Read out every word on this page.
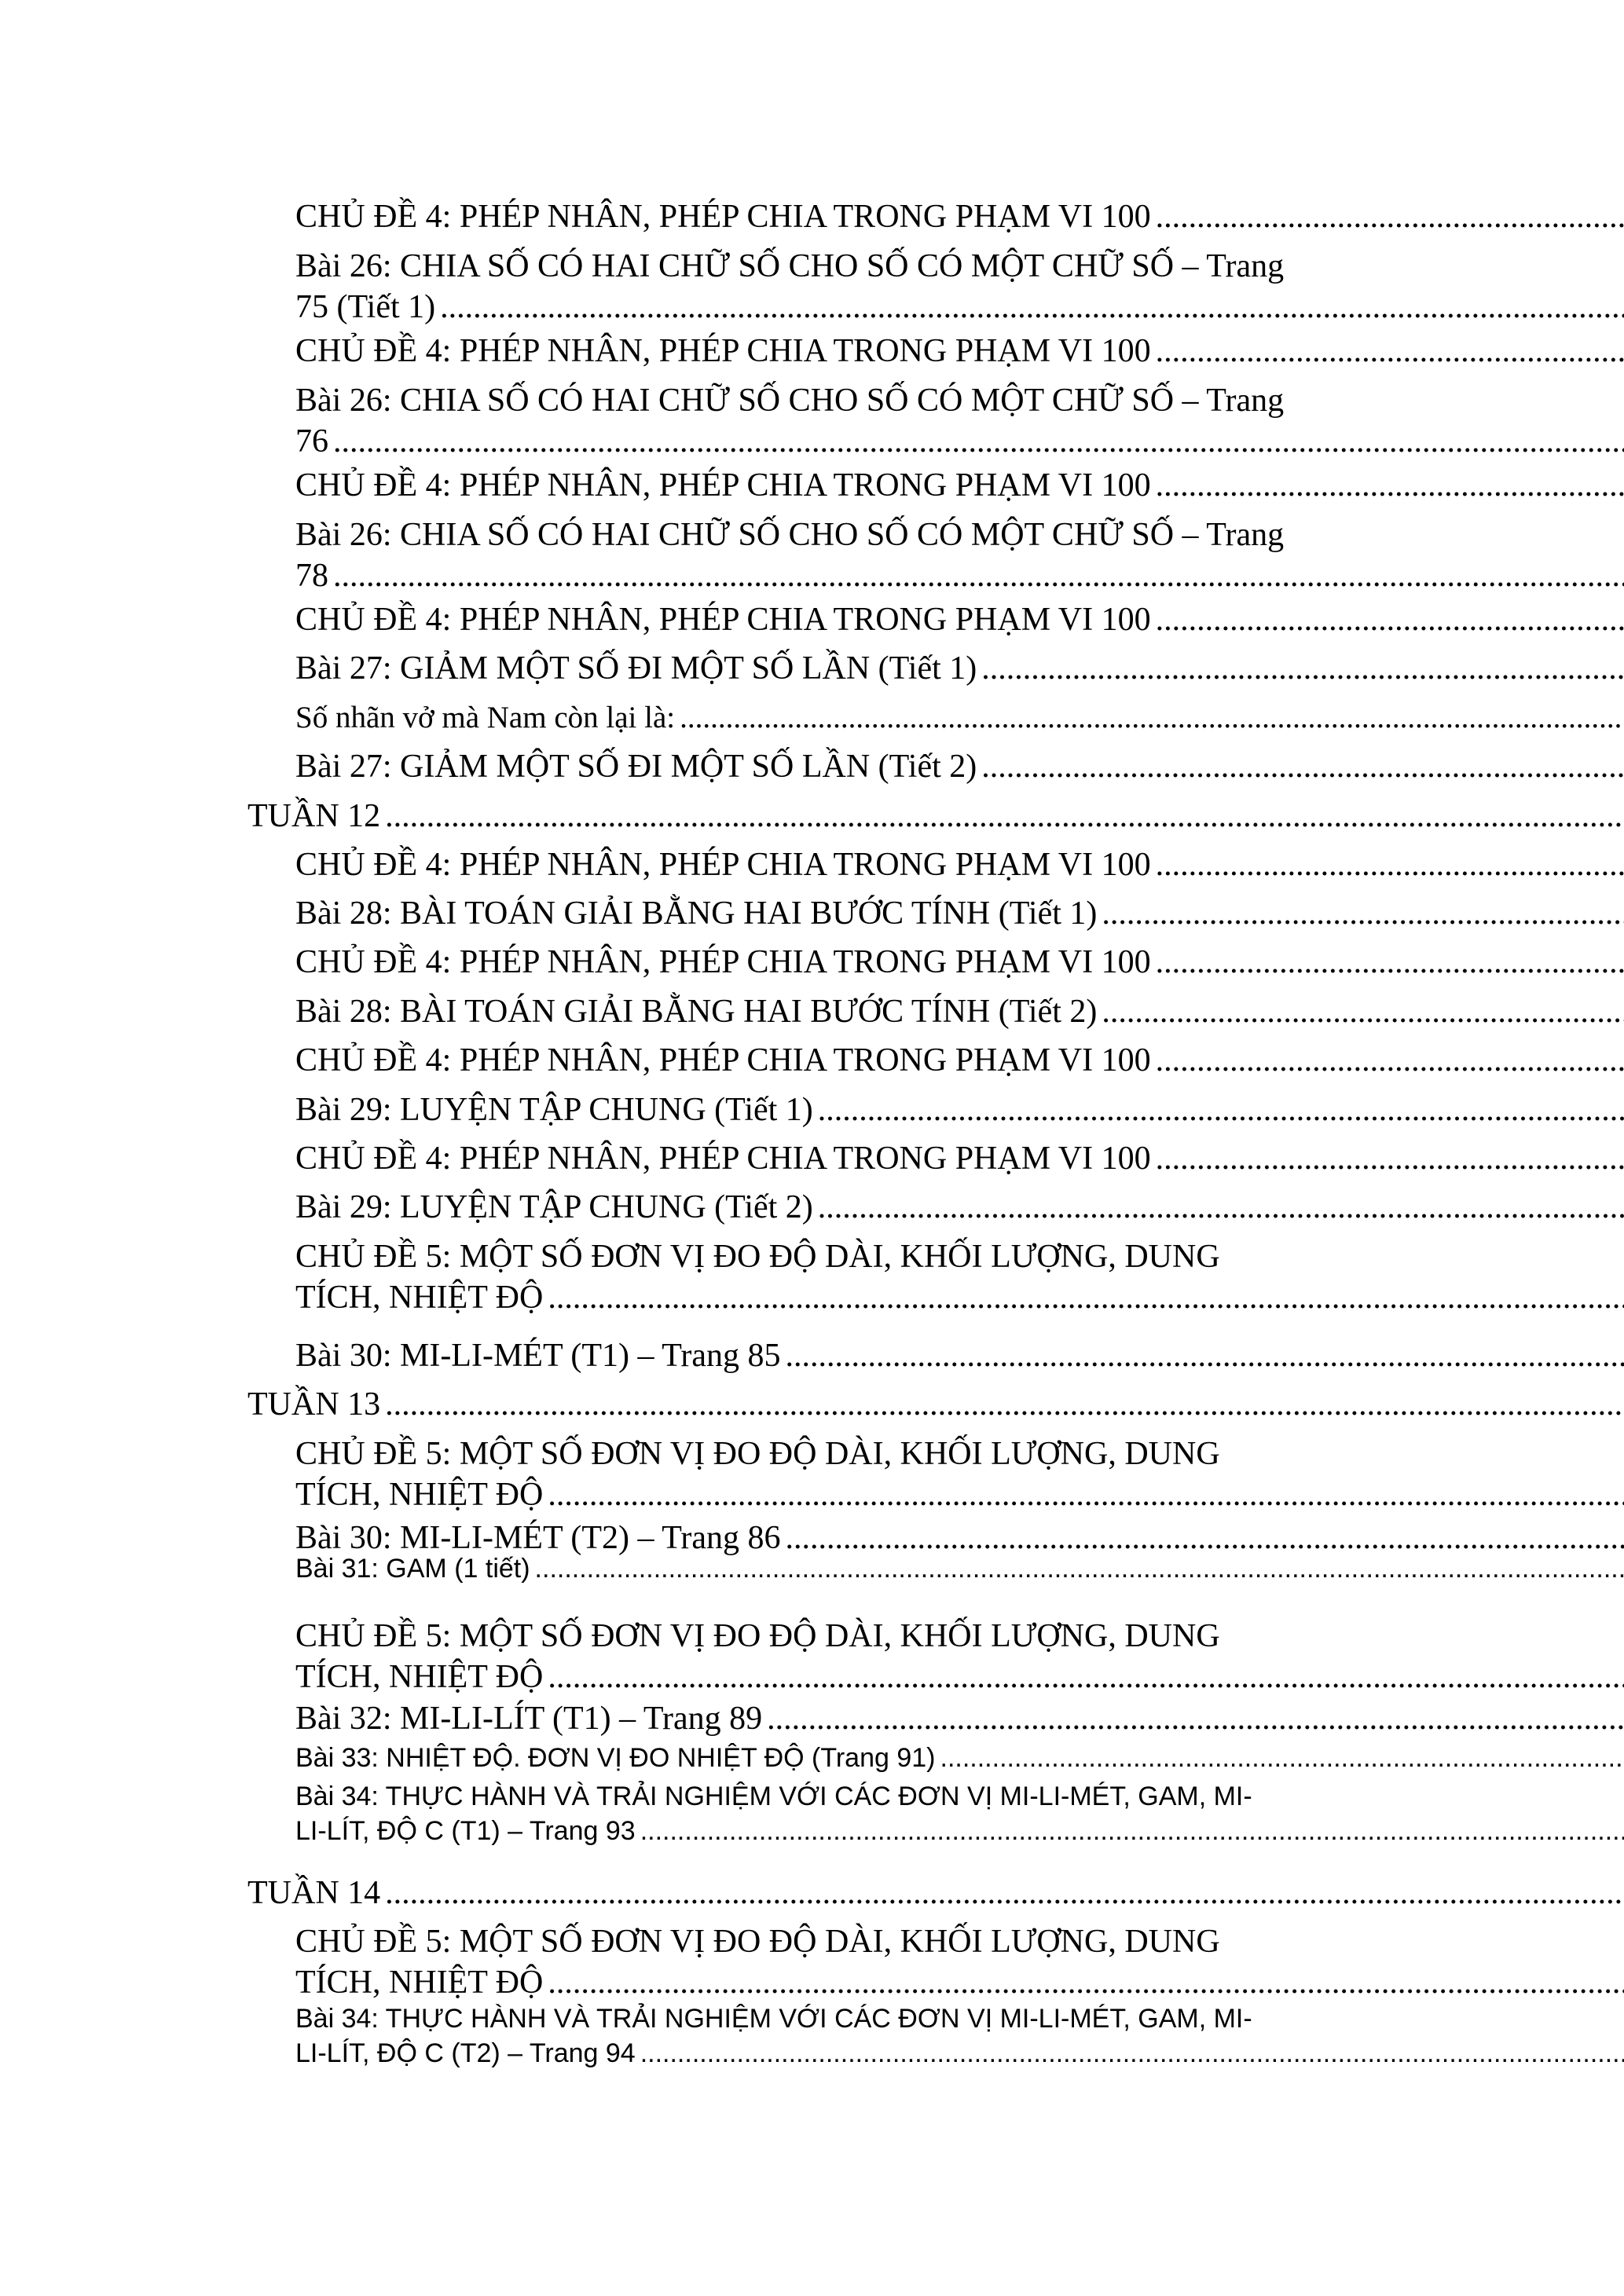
CHỦ ĐỀ 4: PHÉP NHÂN, PHÉP CHIA TRONG PHẠM VI 100
.....
Bài 26: CHIA SỐ CÓ HAI CHỮ SỐ CHO SỐ CÓ MỘT CHỮ SỐ – Trang
75 (Tiết 1)
.....
CHỦ ĐỀ 4: PHÉP NHÂN, PHÉP CHIA TRONG PHẠM VI 100
.....
Bài 26: CHIA SỐ CÓ HAI CHỮ SỐ CHO SỐ CÓ MỘT CHỮ SỐ – Trang
76
.....
CHỦ ĐỀ 4: PHÉP NHÂN, PHÉP CHIA TRONG PHẠM VI 100
.....
Bài 26: CHIA SỐ CÓ HAI CHỮ SỐ CHO SỐ CÓ MỘT CHỮ SỐ – Trang
78
.....
CHỦ ĐỀ 4: PHÉP NHÂN, PHÉP CHIA TRONG PHẠM VI 100
.....
Bài 27: GIẢM MỘT SỐ ĐI MỘT SỐ LẦN (Tiết 1)
.....
Số nhãn vở mà Nam còn lại là:
.....
Bài 27: GIẢM MỘT SỐ ĐI MỘT SỐ LẦN (Tiết 2)
.....
TUẦN 12
.....
CHỦ ĐỀ 4: PHÉP NHÂN, PHÉP CHIA TRONG PHẠM VI 100
.....
Bài 28: BÀI TOÁN GIẢI BẰNG HAI BƯỚC TÍNH (Tiết 1)
.....
CHỦ ĐỀ 4: PHÉP NHÂN, PHÉP CHIA TRONG PHẠM VI 100
.....
Bài 28: BÀI TOÁN GIẢI BẰNG HAI BƯỚC TÍNH (Tiết 2)
.....
CHỦ ĐỀ 4: PHÉP NHÂN, PHÉP CHIA TRONG PHẠM VI 100
.....
Bài 29: LUYỆN TẬP CHUNG (Tiết 1)
.....
CHỦ ĐỀ 4: PHÉP NHÂN, PHÉP CHIA TRONG PHẠM VI 100
.....
Bài 29: LUYỆN TẬP CHUNG (Tiết 2)
.....
CHỦ ĐỀ 5: MỘT SỐ ĐƠN VỊ ĐO ĐỘ DÀI, KHỐI LƯỢNG, DUNG
TÍCH, NHIỆT ĐỘ
.....
Bài 30: MI-LI-MÉT (T1) – Trang 85
.....
TUẦN 13
.....
CHỦ ĐỀ 5: MỘT SỐ ĐƠN VỊ ĐO ĐỘ DÀI, KHỐI LƯỢNG, DUNG
TÍCH, NHIỆT ĐỘ
.....
Bài 30: MI-LI-MÉT (T2) – Trang 86
.....
Bài 31: GAM (1 tiết)
.....
CHỦ ĐỀ 5: MỘT SỐ ĐƠN VỊ ĐO ĐỘ DÀI, KHỐI LƯỢNG, DUNG
TÍCH, NHIỆT ĐỘ
.....
Bài 32: MI-LI-LÍT (T1) – Trang 89
.....
Bài 33: NHIỆT ĐỘ. ĐƠN VỊ ĐO NHIỆT ĐỘ (Trang 91)
.....
Bài 34: THỰC HÀNH VÀ TRẢI NGHIỆM VỚI CÁC ĐƠN VỊ MI-LI-MÉT, GAM, MI-
LI-LÍT, ĐỘ C (T1) – Trang 93
.....
TUẦN 14
.....
CHỦ ĐỀ 5: MỘT SỐ ĐƠN VỊ ĐO ĐỘ DÀI, KHỐI LƯỢNG, DUNG
TÍCH, NHIỆT ĐỘ
.....
Bài 34: THỰC HÀNH VÀ TRẢI NGHIỆM VỚI CÁC ĐƠN VỊ MI-LI-MÉT, GAM, MI-
LI-LÍT, ĐỘ C (T2) – Trang 94
.....
